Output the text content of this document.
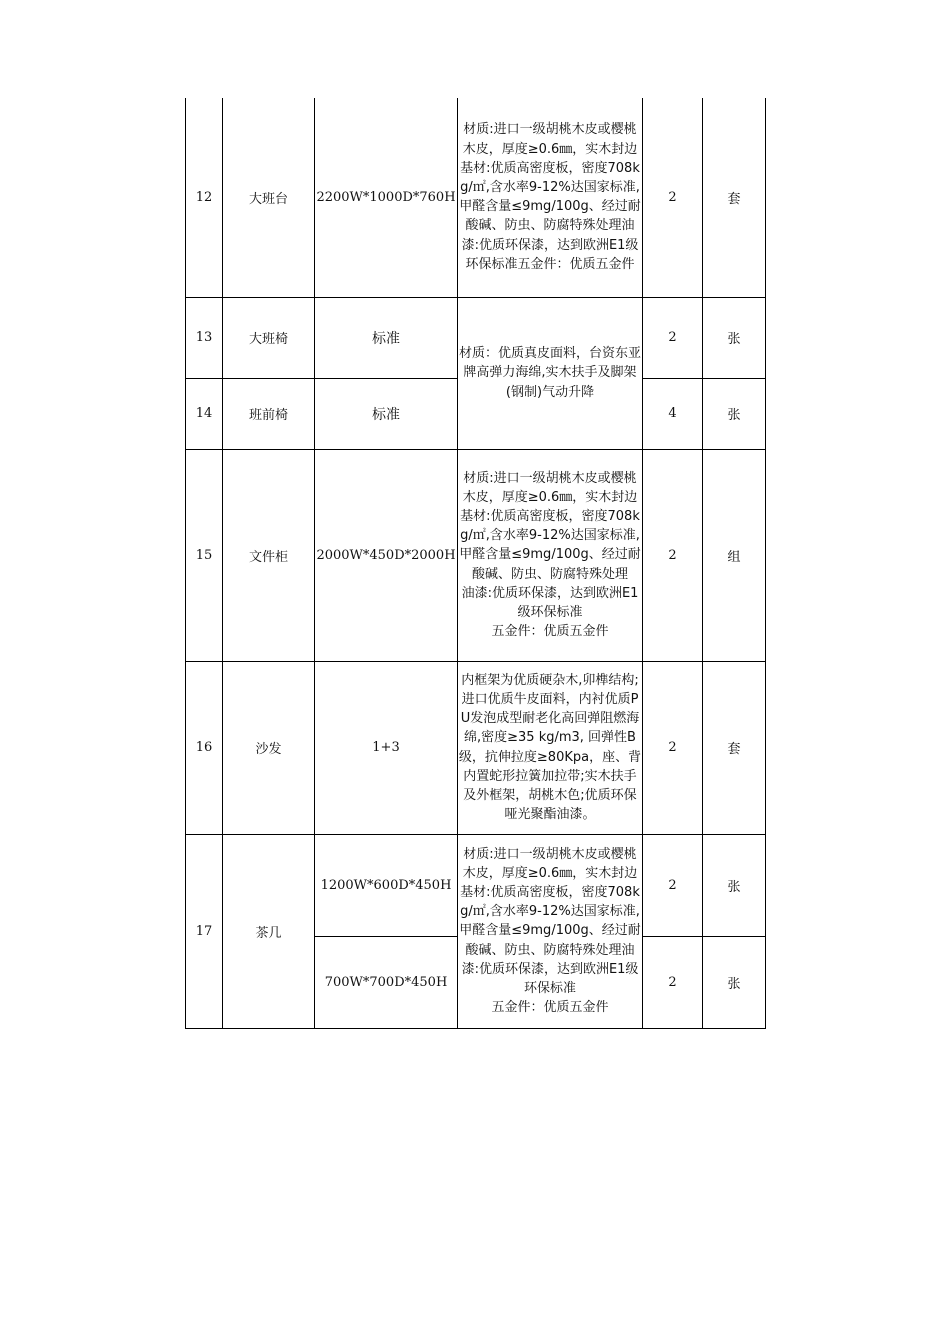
12	大班台	2200W*1000D*760H	材质:进口一级胡桃木皮或樱桃木皮，厚度≥0.6㎜，实木封边基材:优质高密度板，密度708kg/㎡,含水率9-12%达国家标准,甲醛含量≤9mg/100g、经过耐酸碱、防虫、防腐特殊处理油漆:优质环保漆，达到欧洲E1级环保标准五金件：优质五金件	2	套
13	大班椅	标准	材质：优质真皮面料，台资东亚牌高弹力海绵,实木扶手及脚架(钢制)气动升降	2	张
14	班前椅	标准		4	张
15	文件柜	2000W*450D*2000H	材质:进口一级胡桃木皮或樱桃木皮，厚度≥0.6㎜，实木封边
基材:优质高密度板，密度708kg/㎡,含水率9-12%达国家标准,甲醛含量≤9mg/100g、经过耐酸碱、防虫、防腐特殊处理
油漆:优质环保漆，达到欧洲E1级环保标准
五金件：优质五金件	2	组
16	沙发	1+3	内框架为优质硬杂木,卯榫结构;进口优质牛皮面料，内衬优质PU发泡成型耐老化高回弹阻燃海绵,密度≥35 kg/m3, 回弹性B级，抗伸拉度≥80Kpa，座、背内置蛇形拉簧加拉带;实木扶手及外框架，胡桃木色;优质环保哑光聚酯油漆。	2	套
17	茶几	1200W*600D*450H	材质:进口一级胡桃木皮或樱桃木皮，厚度≥0.6㎜，实木封边基材:优质高密度板，密度708kg/㎡,含水率9-12%达国家标准,甲醛含量≤9mg/100g、经过耐酸碱、防虫、防腐特殊处理油漆:优质环保漆，达到欧洲E1级环保标准
五金件：优质五金件	2	张
		700W*700D*450H		2	张
